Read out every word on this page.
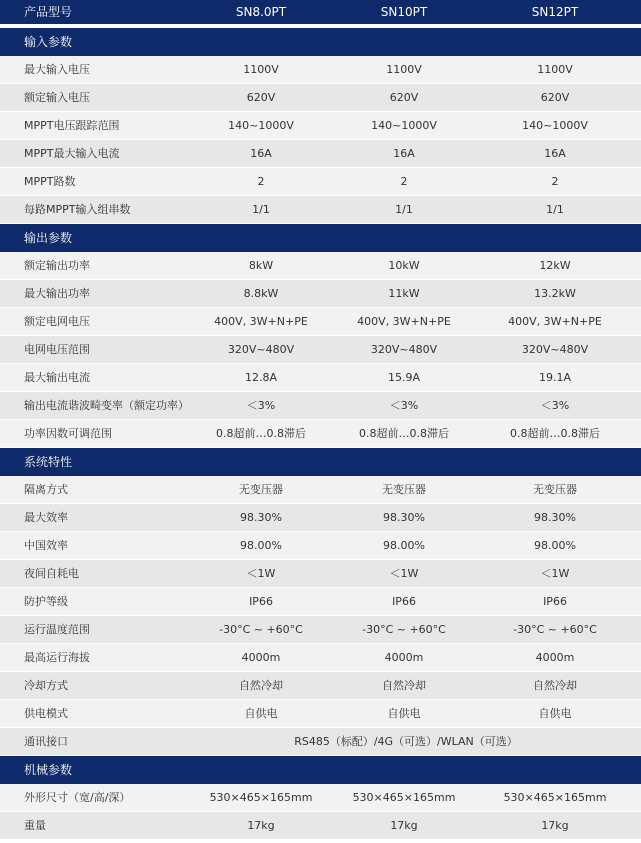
产品型号	SN8.0PT	SN10PT	SN12PT
输入参数
最大输入电压	1100V	1100V	1100V
额定输入电压	620V	620V	620V
MPPT电压跟踪范围	140~1000V	140~1000V	140~1000V
MPPT最大输入电流	16A	16A	16A
MPPT路数	2	2	2
每路MPPT输入组串数	1/1	1/1	1/1
输出参数
额定输出功率	8kW	10kW	12kW
最大输出功率	8.8kW	11kW	13.2kW
额定电网电压	400V, 3W+N+PE	400V, 3W+N+PE	400V, 3W+N+PE
电网电压范围	320V~480V	320V~480V	320V~480V
最大输出电流	12.8A	15.9A	19.1A
输出电流谐波畸变率（额定功率）	＜3%	＜3%	＜3%
功率因数可调范围	0.8超前…0.8滞后	0.8超前…0.8滞后	0.8超前…0.8滞后
系统特性
隔离方式	无变压器	无变压器	无变压器
最大效率	98.30%	98.30%	98.30%
中国效率	98.00%	98.00%	98.00%
夜间自耗电	＜1W	＜1W	＜1W
防护等级	IP66	IP66	IP66
运行温度范围	-30°C ~ +60°C	-30°C ~ +60°C	-30°C ~ +60°C
最高运行海拔	4000m	4000m	4000m
冷却方式	自然冷却	自然冷却	自然冷却
供电模式	自供电	自供电	自供电
通讯接口	RS485（标配）/4G（可选）/WLAN（可选）
机械参数
外形尺寸（宽/高/深）	530×465×165mm	530×465×165mm	530×465×165mm
重量	17kg	17kg	17kg
